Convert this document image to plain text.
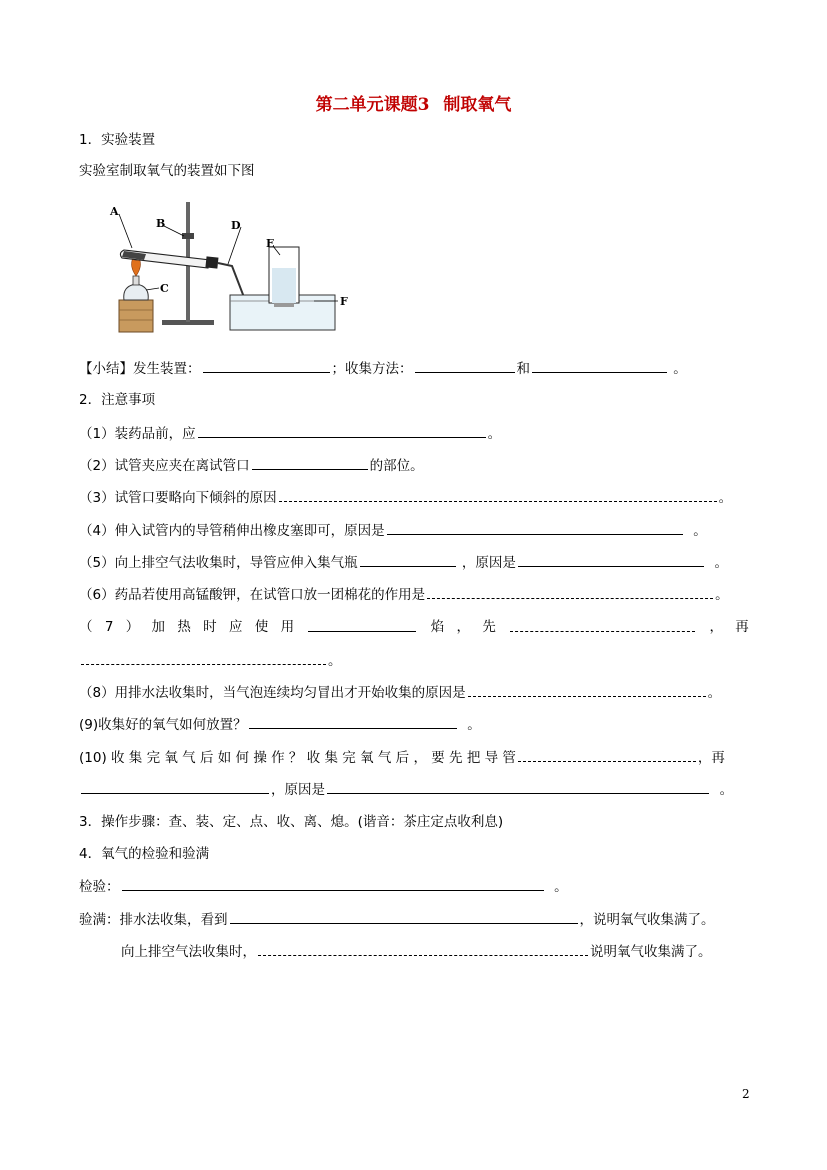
第二单元课题3 制取氧气
1．实验装置
实验室制取氧气的装置如下图
A
B
C
D
E
F
【小结】发生装置：	；收集方法：	和	。
2．注意事项
（1）装药品前，应	。
（2）试管夹应夹在离试管口	的部位。
（3）试管口要略向下倾斜的原因	。
（4）伸入试管内的导管稍伸出橡皮塞即可，原因是	。
（5）向上排空气法收集时，导管应伸入集气瓶	，原因是	。
（6）药品若使用高锰酸钾，在试管口放一团棉花的作用是	。
（ 7 ） 加 热 时 应 使 用	焰 ， 先	， 再
。
（8）用排水法收集时，当气泡连续均匀冒出才开始收集的原因是	。
(9)收集好的氧气如何放置？	。
(10) 收 集 完 氧 气 后 如 何 操 作 ？ 收 集 完 氧 气 后 ， 要 先 把 导 管	，再
，原因是	。
3．操作步骤：查、装、定、点、收、离、熄。(谐音：茶庄定点收利息)
4．氧气的检验和验满
检验：	。
验满：排水法收集，看到	，说明氧气收集满了。
向上排空气法收集时，	说明氧气收集满了。
2
